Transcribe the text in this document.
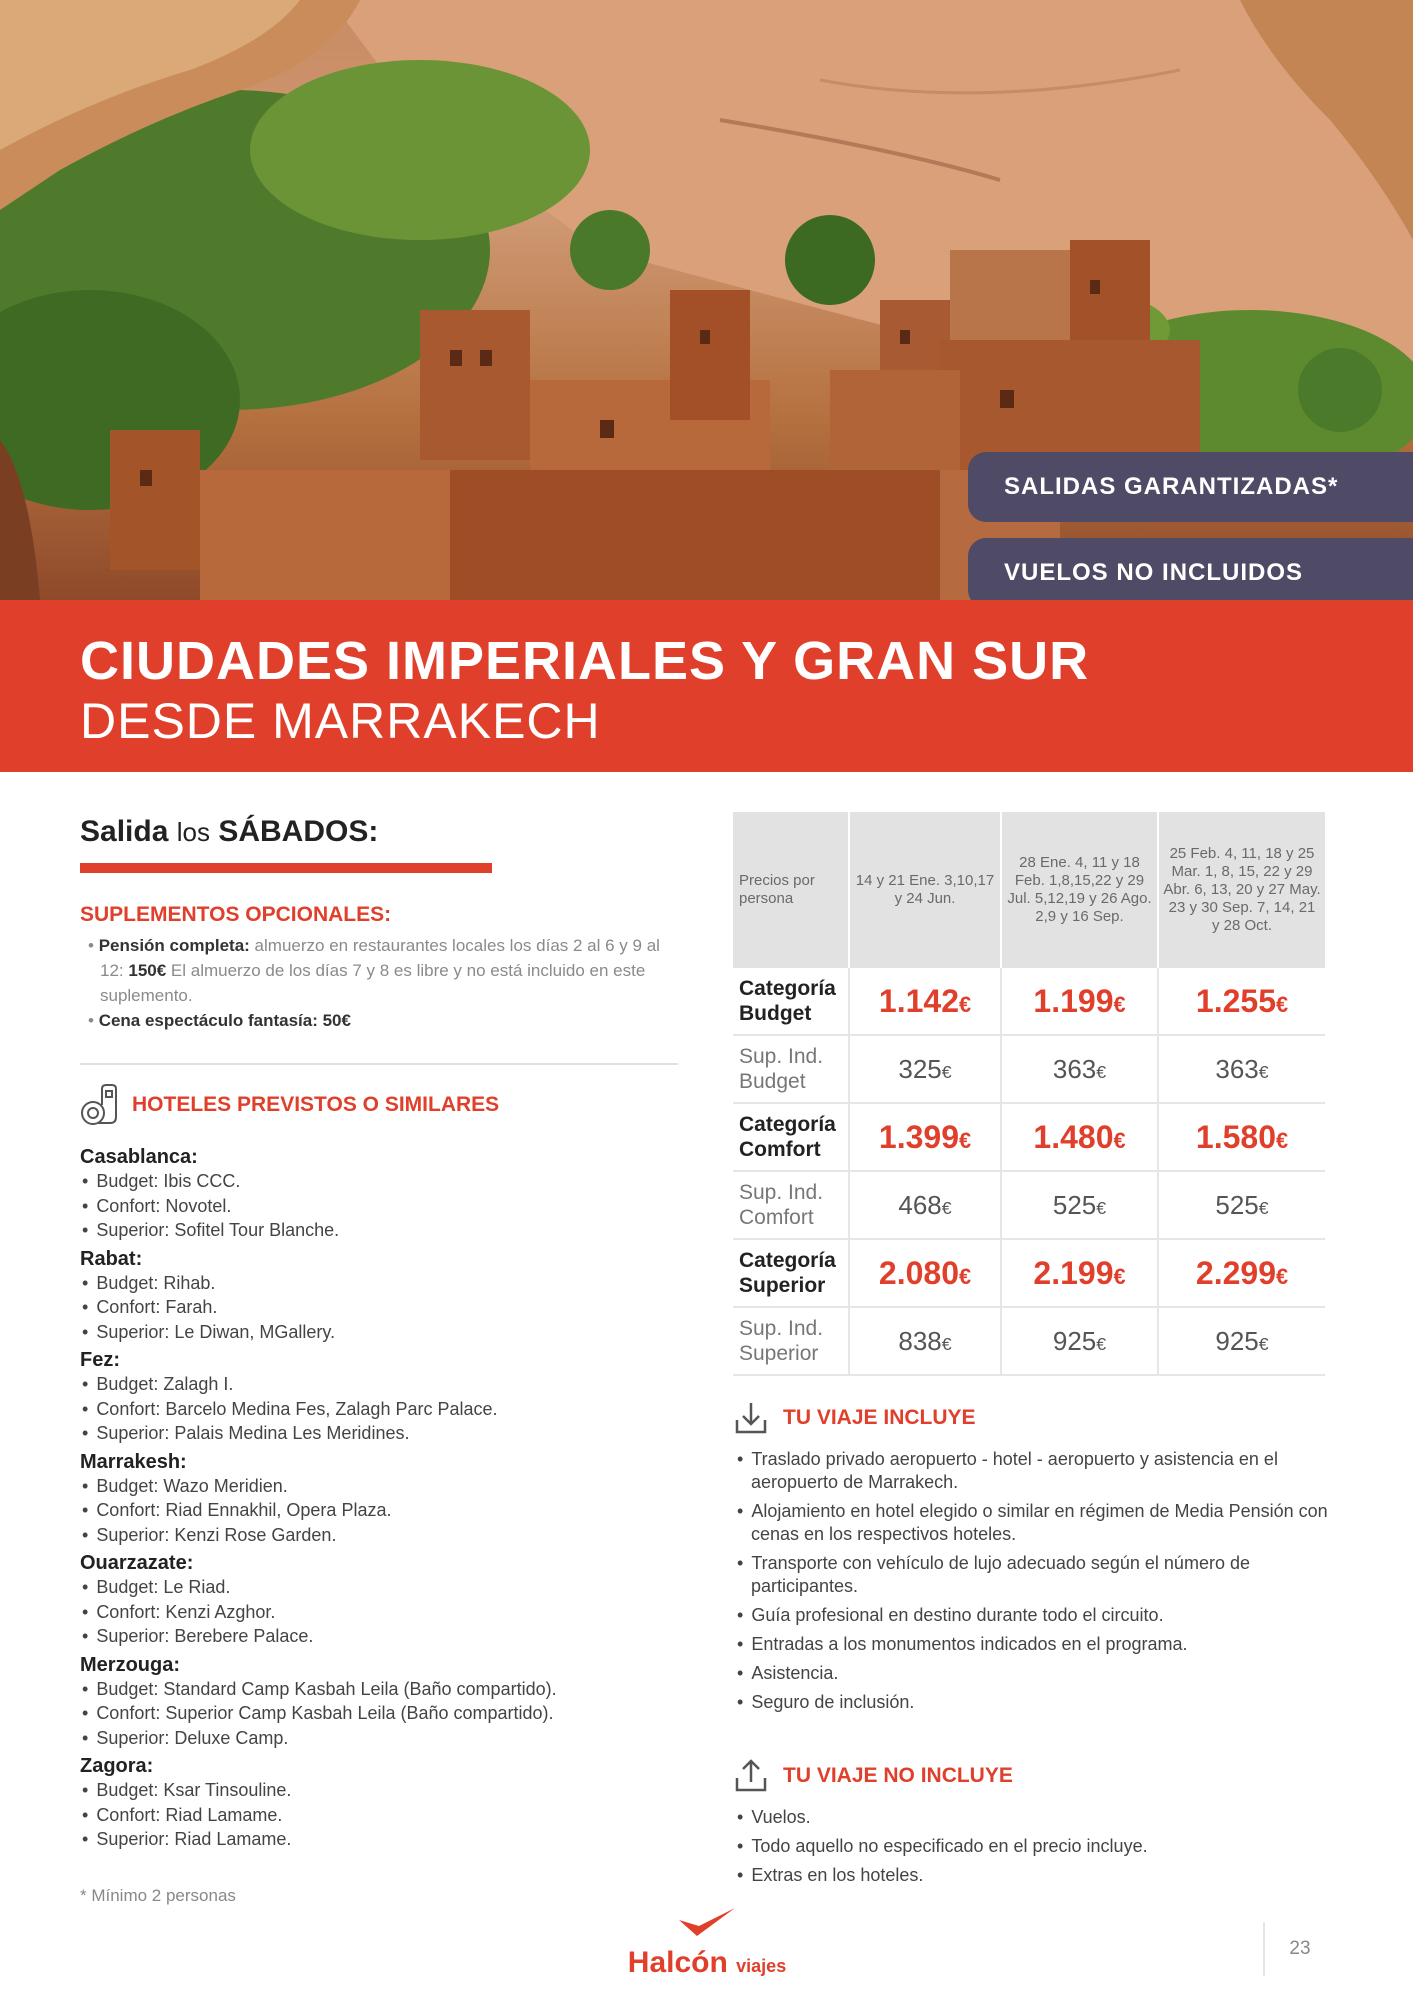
SALIDAS GARANTIZADAS*
VUELOS NO INCLUIDOS
CIUDADES IMPERIALES Y GRAN SUR
DESDE MARRAKECH

Salida los SÁBADOS:

SUPLEMENTOS OPCIONALES:

• Pensión completa: almuerzo en restaurantes locales los días 2 al 6 y 9 al 12: 150€ El almuerzo de los días 7 y 8 es libre y no está incluido en este suplemento.
• Cena espectáculo fantasía: 50€

HOTELES PREVISTOS O SIMILARES

Casablanca:
• Budget: Ibis CCC.
• Confort: Novotel.
• Superior: Sofitel Tour Blanche.
Rabat:
• Budget: Rihab.
• Confort: Farah.
• Superior: Le Diwan, MGallery.
Fez:
• Budget: Zalagh I.
• Confort: Barcelo Medina Fes, Zalagh Parc Palace.
• Superior: Palais Medina Les Meridines.
Marrakesh:
• Budget: Wazo Meridien.
• Confort: Riad Ennakhil, Opera Plaza.
• Superior: Kenzi Rose Garden.
Ouarzazate:
• Budget: Le Riad.
• Confort: Kenzi Azghor.
• Superior: Berebere Palace.
Merzouga:
• Budget: Standard Camp Kasbah Leila (Baño compartido).
• Confort: Superior Camp Kasbah Leila (Baño compartido).
• Superior: Deluxe Camp.
Zagora:
• Budget: Ksar Tinsouline.
• Confort: Riad Lamame.
• Superior: Riad Lamame.
* Mínimo 2 personas
Precios por persona	14 y 21 Ene. 3,10,17 y 24 Jun.	28 Ene. 4, 11 y 18 Feb. 1,8,15,22 y 29 Jul. 5,12,19 y 26 Ago. 2,9 y 16 Sep.	25 Feb. 4, 11, 18 y 25 Mar. 1, 8, 15, 22 y 29 Abr. 6, 13, 20 y 27 May. 23 y 30 Sep. 7, 14, 21 y 28 Oct.
Categoría Budget	1.142€	1.199€	1.255€
Sup. Ind. Budget	325€	363€	363€
Categoría Comfort	1.399€	1.480€	1.580€
Sup. Ind. Comfort	468€	525€	525€
Categoría Superior	2.080€	2.199€	2.299€
Sup. Ind. Superior	838€	925€	925€

TU VIAJE INCLUYE

• Traslado privado aeropuerto - hotel - aeropuerto y asistencia en el aeropuerto de Marrakech.
• Alojamiento en hotel elegido o similar en régimen de Media Pensión con cenas en los respectivos hoteles.
• Transporte con vehículo de lujo adecuado según el número de participantes.
• Guía profesional en destino durante todo el circuito.
• Entradas a los monumentos indicados en el programa.
• Asistencia.
• Seguro de inclusión.

TU VIAJE NO INCLUYE

• Vuelos.
• Todo aquello no especificado en el precio incluye.
• Extras en los hoteles.
Halcón viajes
23
